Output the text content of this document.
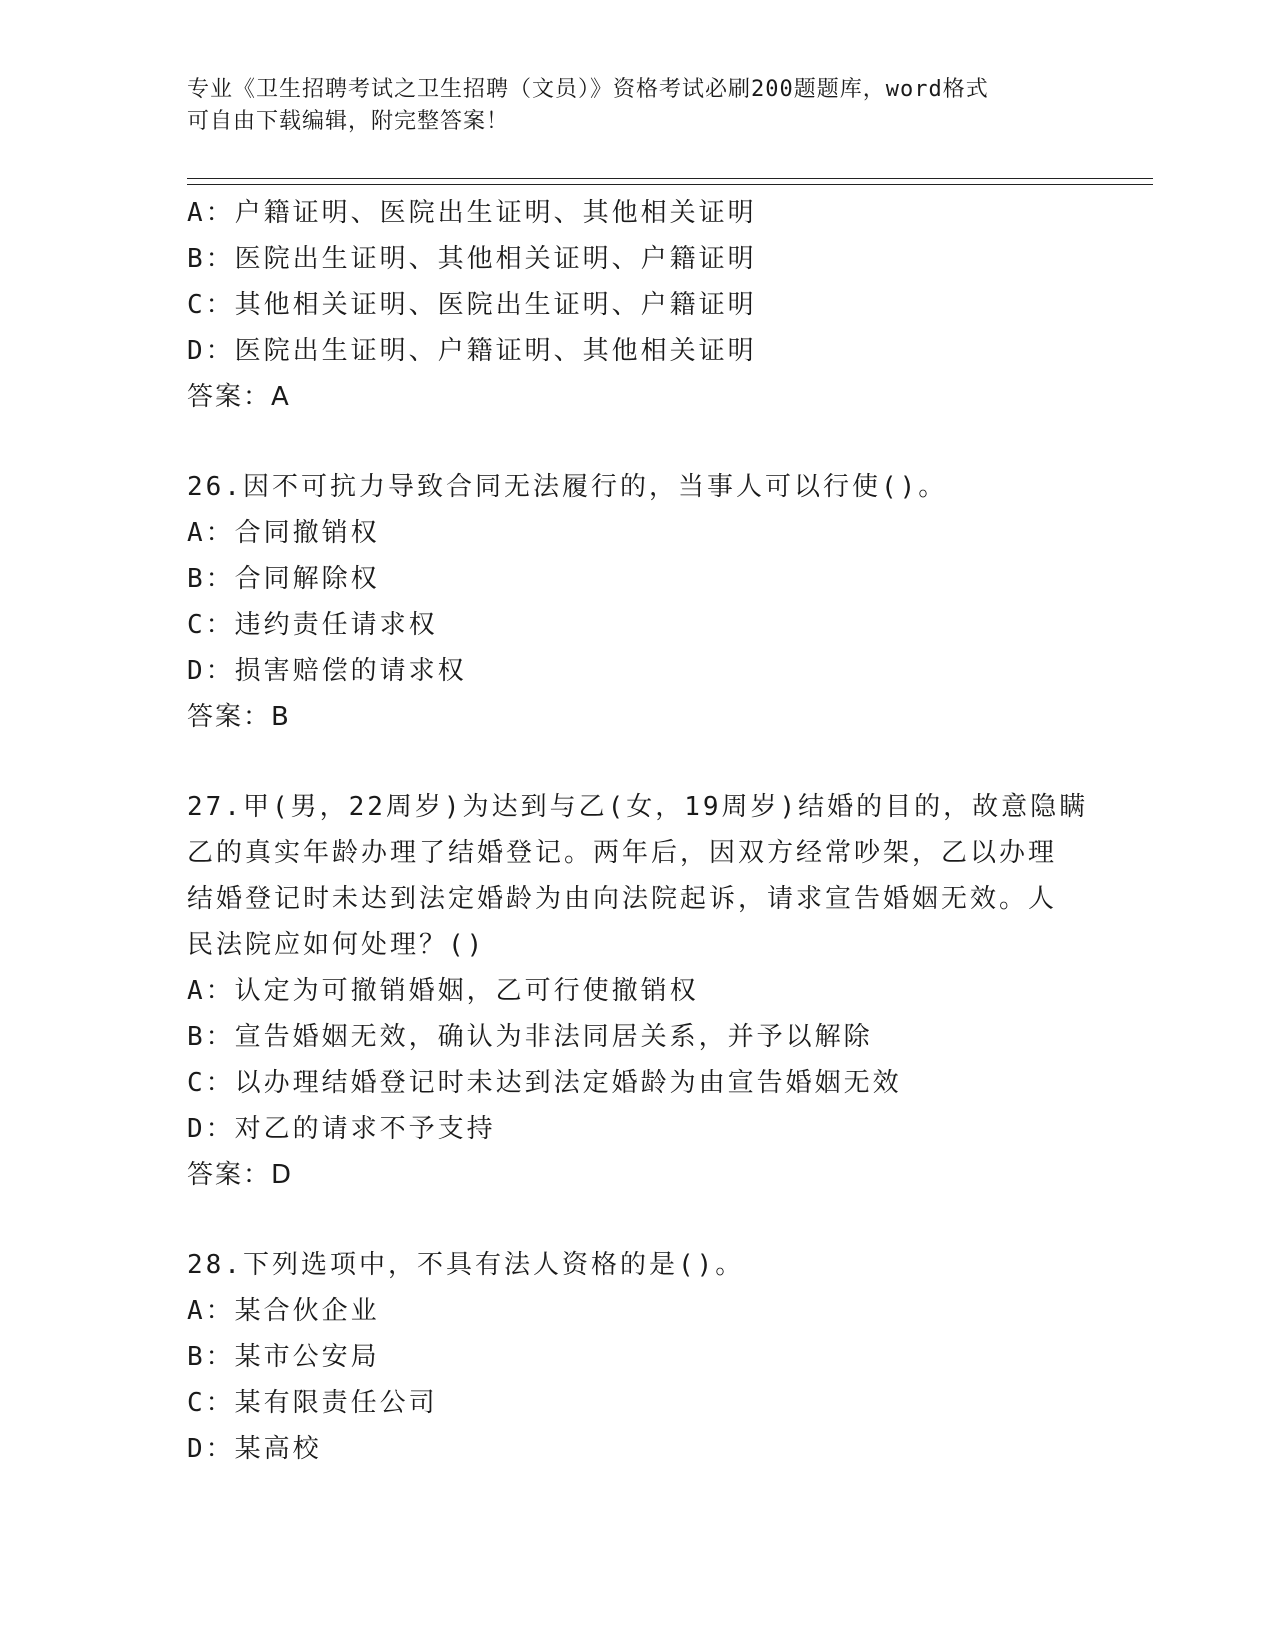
专业《卫生招聘考试之卫生招聘（文员）》资格考试必刷200题题库，word格式
可自由下载编辑，附完整答案！
A：户籍证明、医院出生证明、其他相关证明
B：医院出生证明、其他相关证明、户籍证明
C：其他相关证明、医院出生证明、户籍证明
D：医院出生证明、户籍证明、其他相关证明
答案：A
26.因不可抗力导致合同无法履行的，当事人可以行使()。
A：合同撤销权
B：合同解除权
C：违约责任请求权
D：损害赔偿的请求权
答案：B
27.甲(男，22周岁)为达到与乙(女，19周岁)结婚的目的，故意隐瞒
乙的真实年龄办理了结婚登记。两年后，因双方经常吵架，乙以办理
结婚登记时未达到法定婚龄为由向法院起诉，请求宣告婚姻无效。人
民法院应如何处理？()
A：认定为可撤销婚姻，乙可行使撤销权
B：宣告婚姻无效，确认为非法同居关系，并予以解除
C：以办理结婚登记时未达到法定婚龄为由宣告婚姻无效
D：对乙的请求不予支持
答案：D
28.下列选项中，不具有法人资格的是()。
A：某合伙企业
B：某市公安局
C：某有限责任公司
D：某高校
